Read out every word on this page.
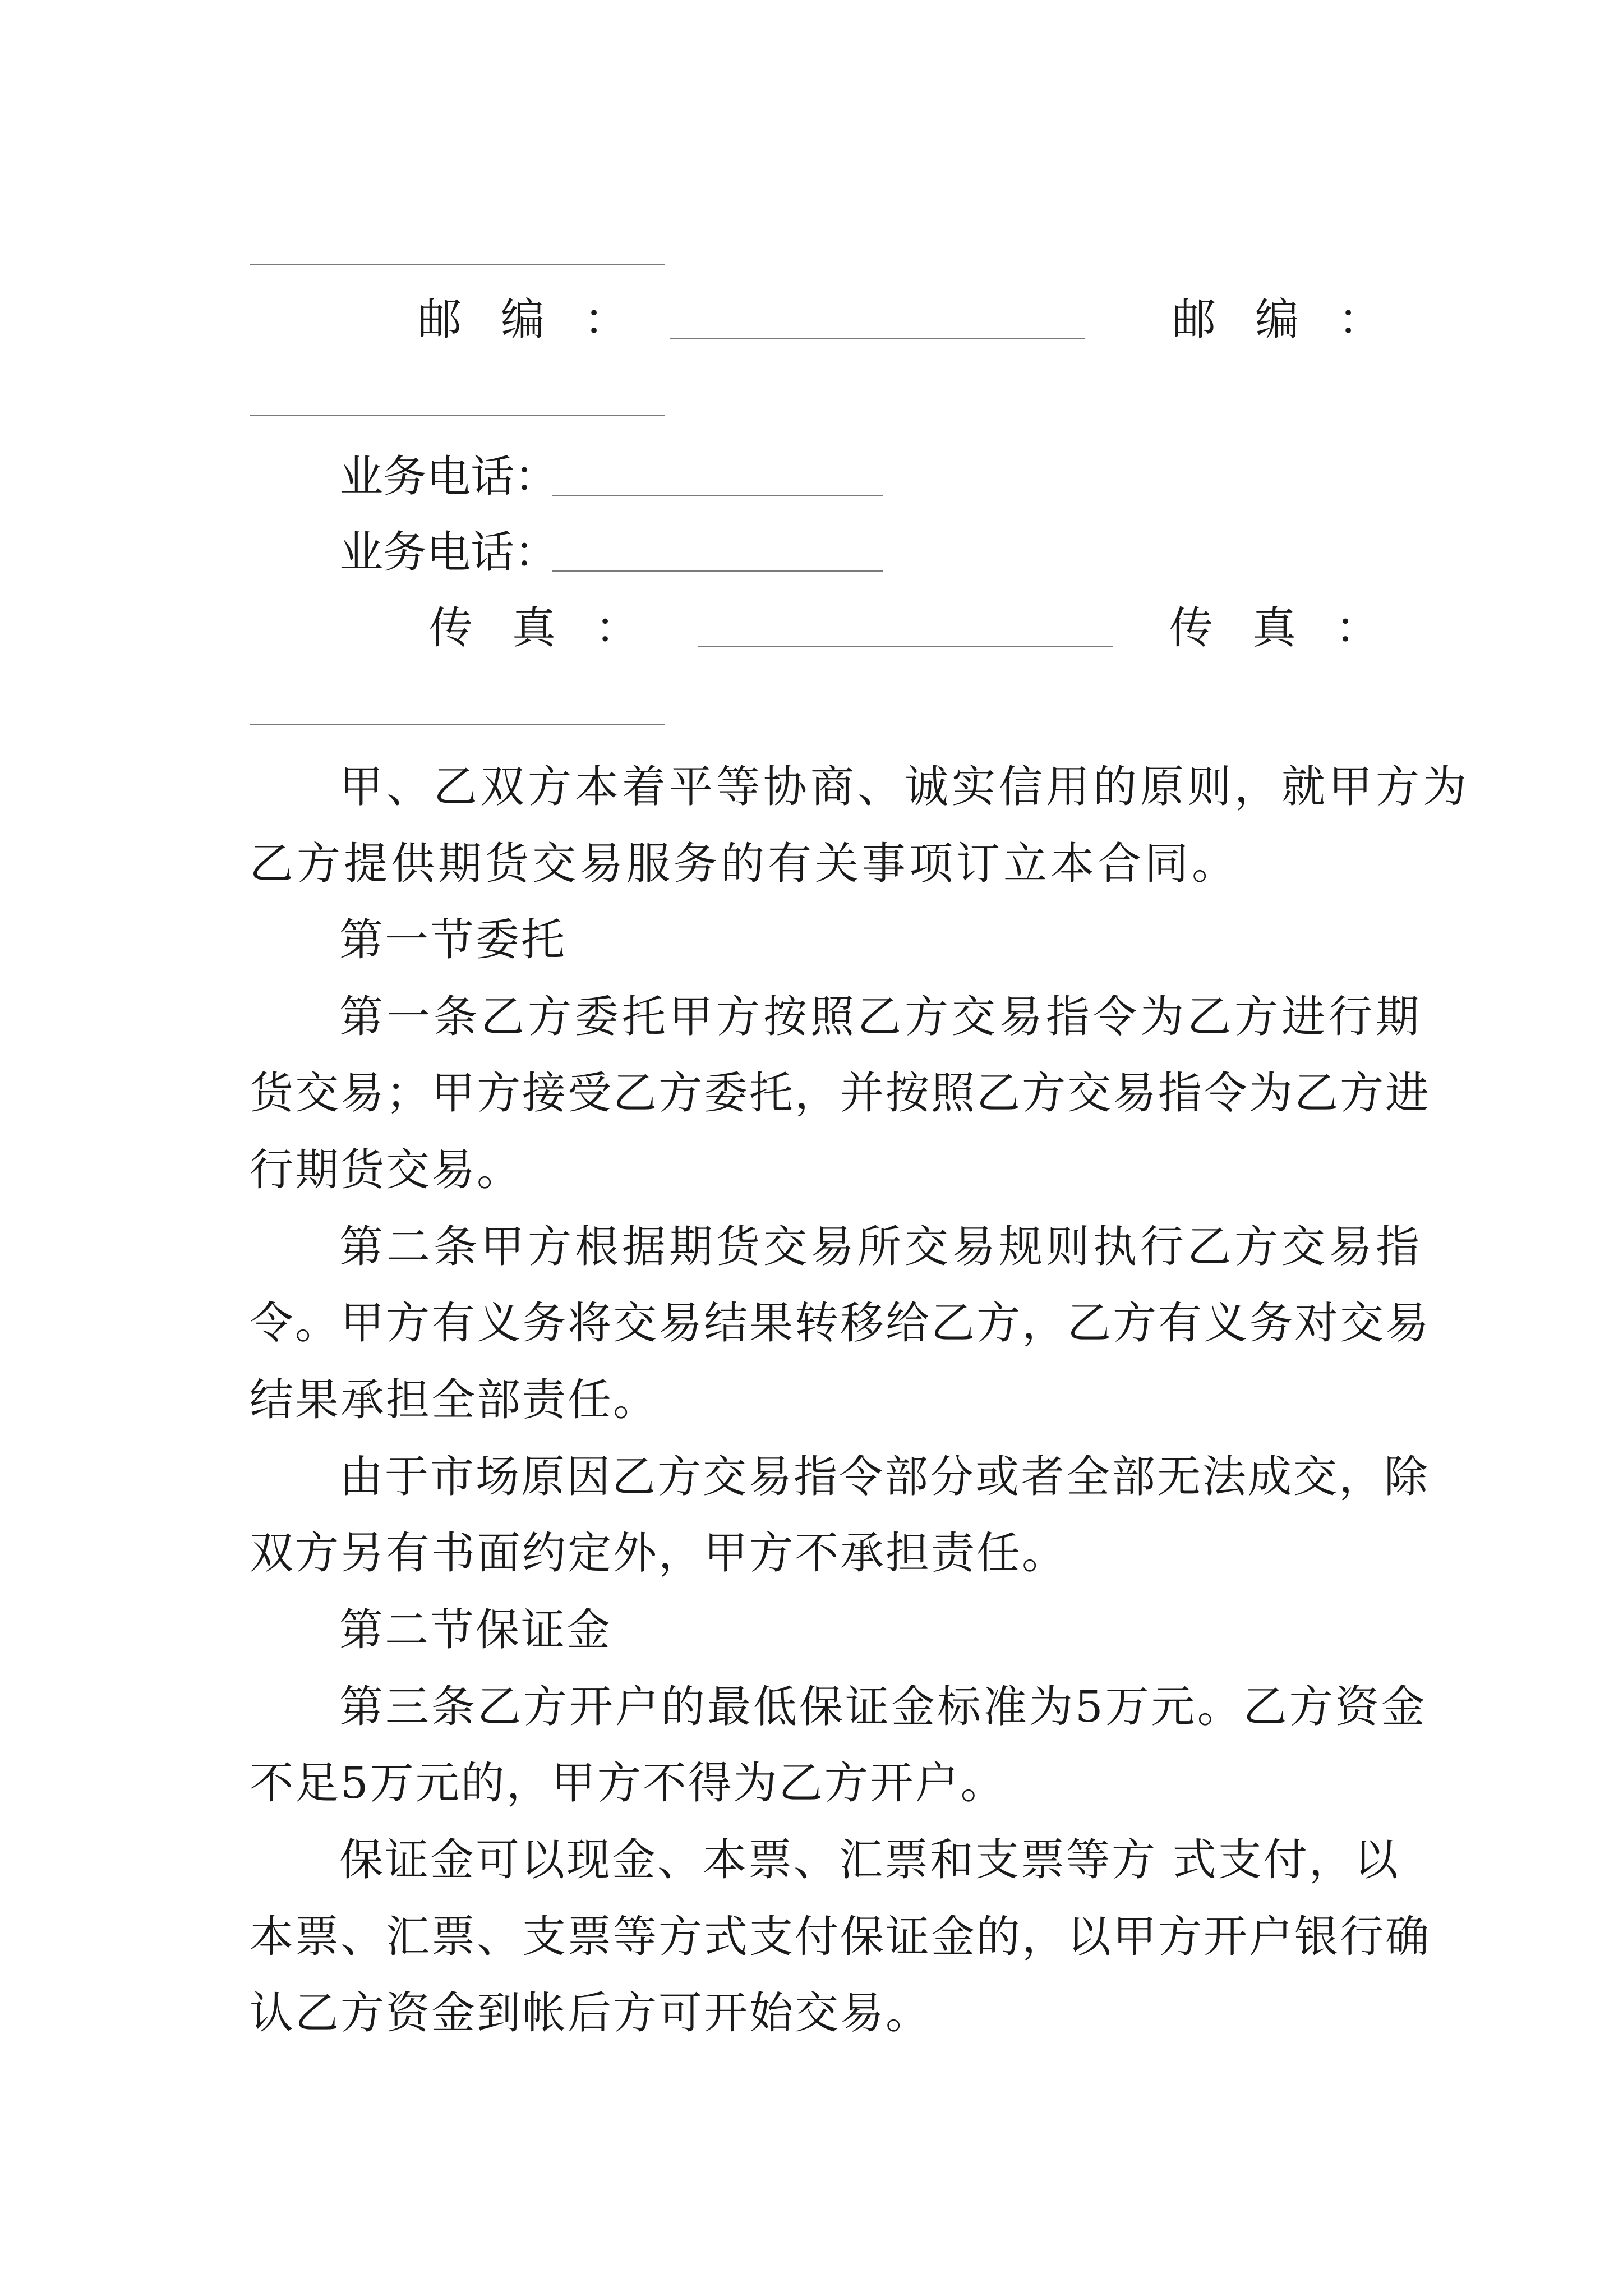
邮编：	邮编：
业务电话：
业务电话：
传真：	传真：
甲、乙双方本着平等协商、诚实信用的原则，就甲方为
乙方提供期货交易服务的有关事项订立本合同。
第一节委托
第一条乙方委托甲方按照乙方交易指令为乙方进行期
货交易；甲方接受乙方委托，并按照乙方交易指令为乙方进
行期货交易。
第二条甲方根据期货交易所交易规则执行乙方交易指
令。甲方有义务将交易结果转移给乙方，乙方有义务对交易
结果承担全部责任。
由于市场原因乙方交易指令部分或者全部无法成交，除
双方另有书面约定外，甲方不承担责任。
第二节保证金
第三条乙方开户的最低保证金标准为5万元。乙方资金
不足5万元的，甲方不得为乙方开户。
保证金可以现金、本票、汇票和支票等方 式支付，以
本票、汇票、支票等方式支付保证金的，以甲方开户银行确
认乙方资金到帐后方可开始交易。
